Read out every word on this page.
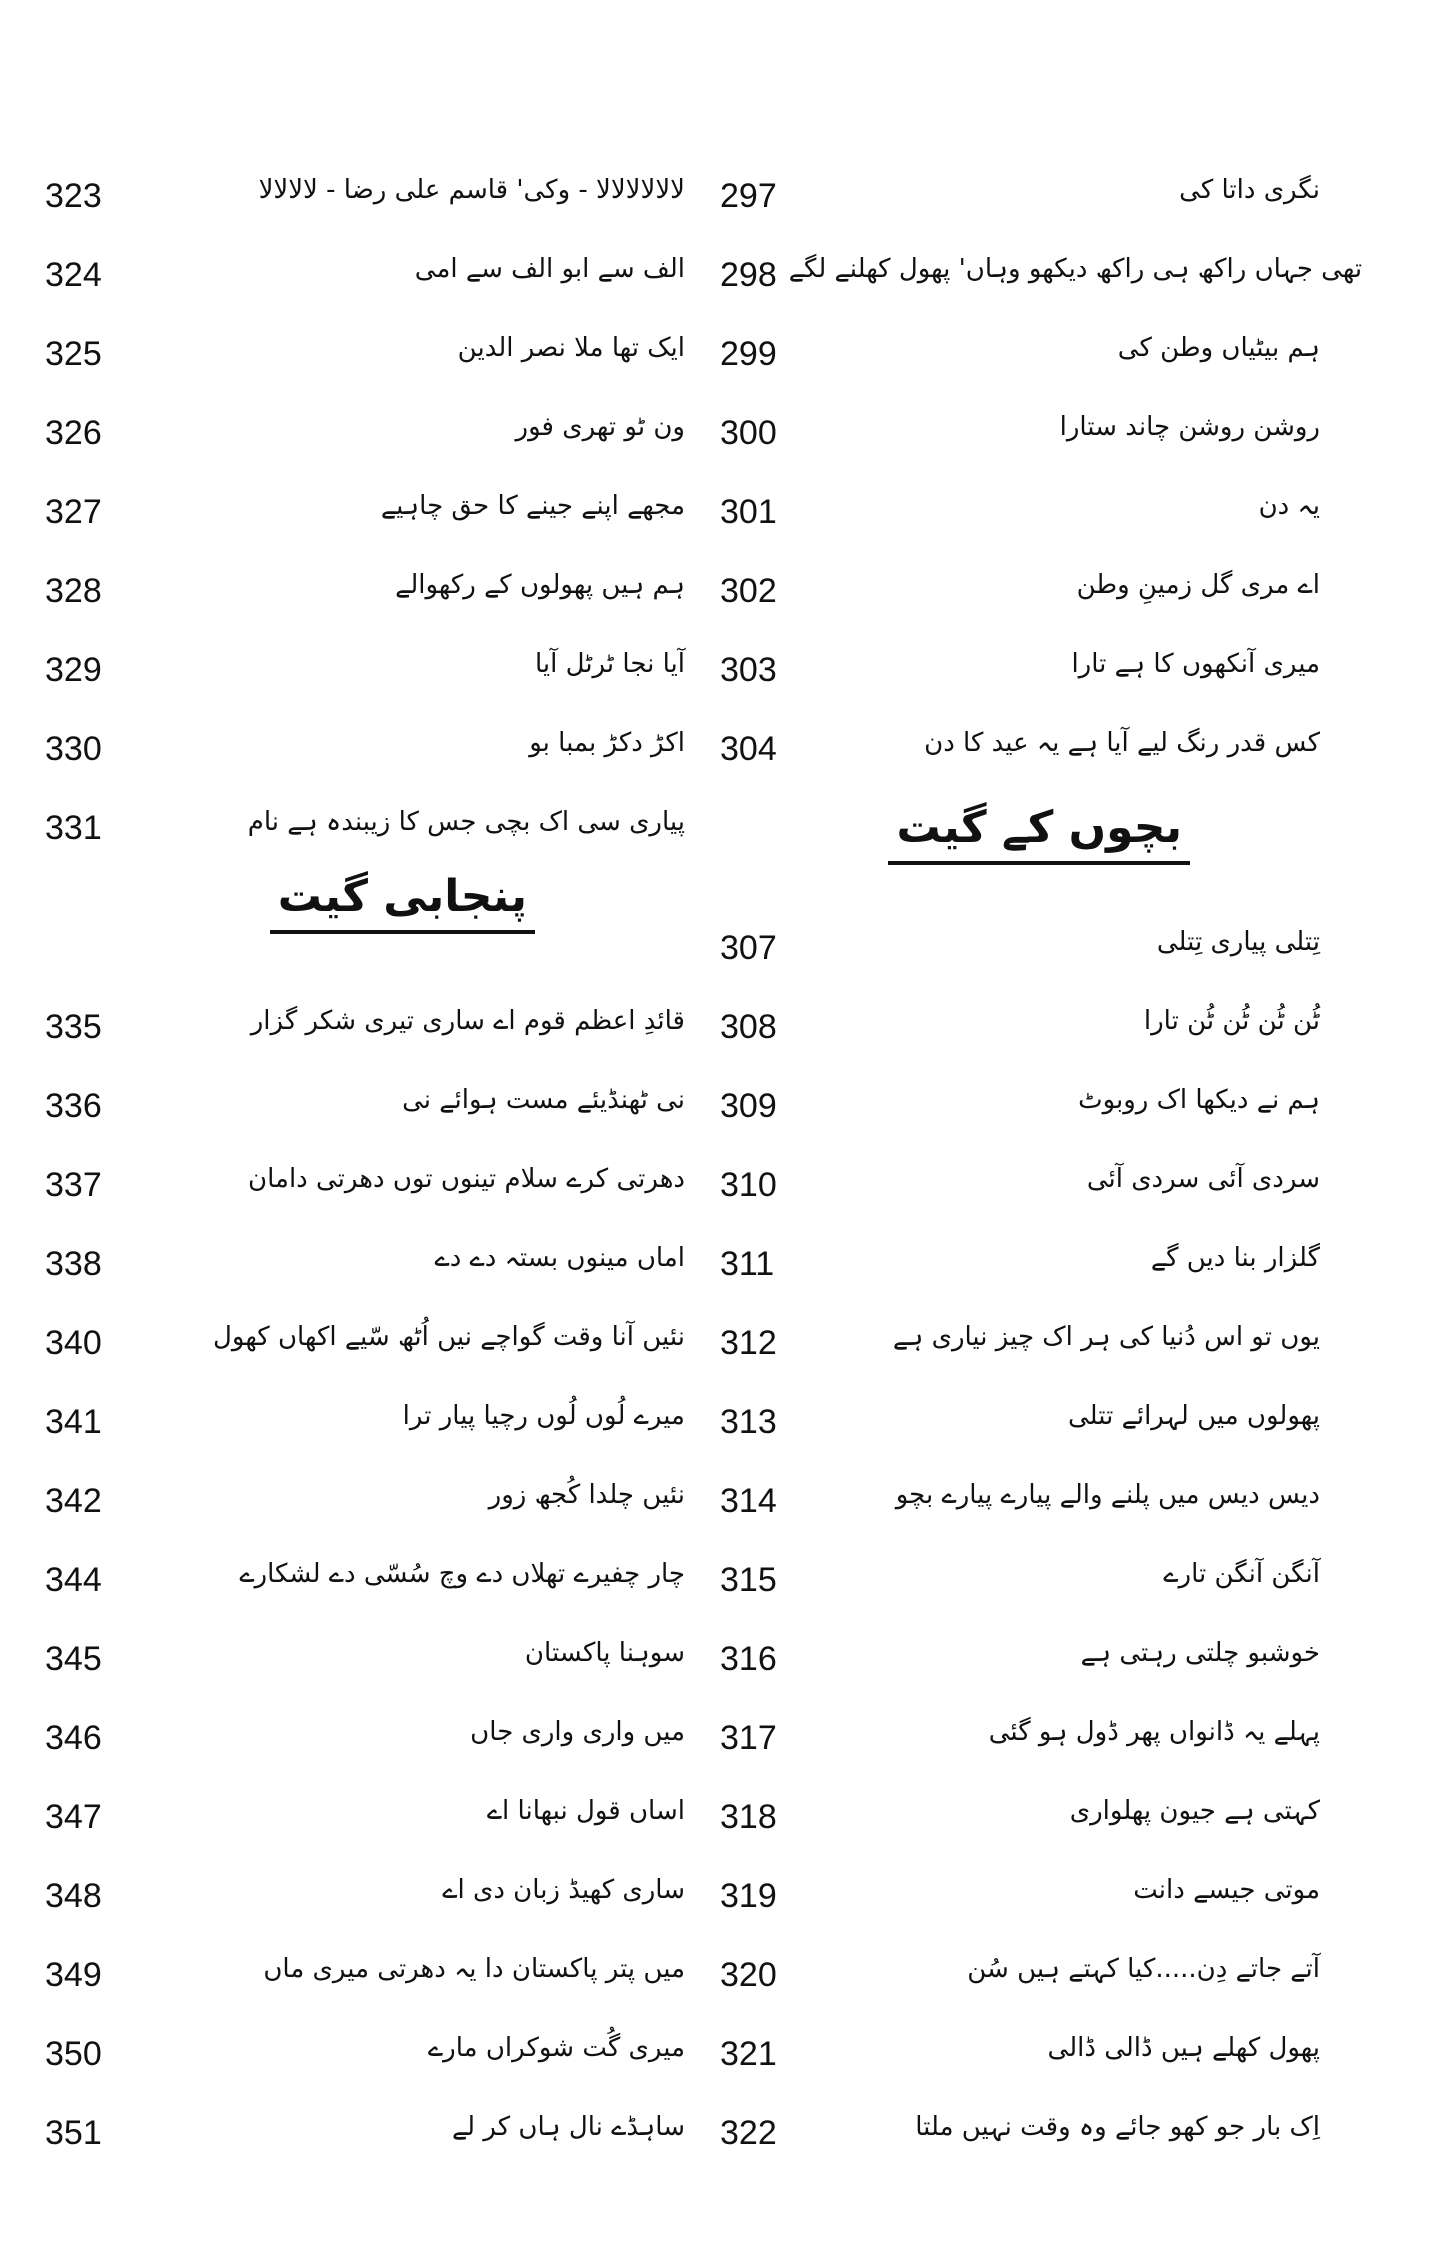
نگری داتا کی
297
تھی جہاں راکھ ہی راکھ دیکھو وہاں' پھول کھلنے لگے
298
ہم بیٹیاں وطن کی
299
روشن روشن چاند ستارا
300
یہ دن
301
اے مری گل زمینِ وطن
302
میری آنکھوں کا ہے تارا
303
کس قدر رنگ لیے آیا ہے یہ عید کا دن
304
بچوں کے گیت
تِتلی پیاری تِتلی
307
ٹُن ٹُن ٹُن ٹُن تارا
308
ہم نے دیکھا اک روبوٹ
309
سردی آئی سردی آئی
310
گلزار بنا دیں گے
311
یوں تو اس دُنیا کی ہر اک چیز نیاری ہے
312
پھولوں میں لہرائے تتلی
313
دیس دیس میں پلنے والے پیارے پیارے بچو
314
آنگن آنگن تارے
315
خوشبو چلتی رہتی ہے
316
پہلے یہ ڈانواں پھر ڈول ہو گئی
317
کہتی ہے جیون پھلواری
318
موتی جیسے دانت
319
آتے جاتے دِن.....کیا کہتے ہیں سُن
320
پھول کھلے ہیں ڈالی ڈالی
321
اِک بار جو کھو جائے وہ وقت نہیں ملتا
322
لالالالالالا - وکی' قاسم علی رضا - لالالالا
323
الف سے ابو الف سے امی
324
ایک تھا ملا نصر الدین
325
ون ٹو تھری فور
326
مجھے اپنے جینے کا حق چاہیے
327
ہم ہیں پھولوں کے رکھوالے
328
آیا نجا ٹرٹل آیا
329
اکڑ دکڑ بمبا بو
330
پیاری سی اک بچی جس کا زیبندہ ہے نام
331
پنجابی گیت
قائدِ اعظم قوم اے ساری تیری شکر گزار
335
نی ٹھنڈیئے مست ہوائے نی
336
دھرتی کرے سلام تینوں توں دھرتی دامان
337
اماں مینوں بستہ دے دے
338
نئیں آنا وقت گواچے نیں اُٹھ سّیے اکھاں کھول
340
میرے لُوں لُوں رچیا پیار ترا
341
نئیں چلدا کُجھ زور
342
چار چفیرے تھلاں دے وچ سُسّی دے لشکارے
344
سوہنا پاکستان
345
میں واری واری جاں
346
اساں قول نبھانا اے
347
ساری کھیڈ زبان دی اے
348
میں پتر پاکستان دا یہ دھرتی میری ماں
349
میری گُت شوکراں مارے
350
ساہڈے نال ہاں کر لے
351
